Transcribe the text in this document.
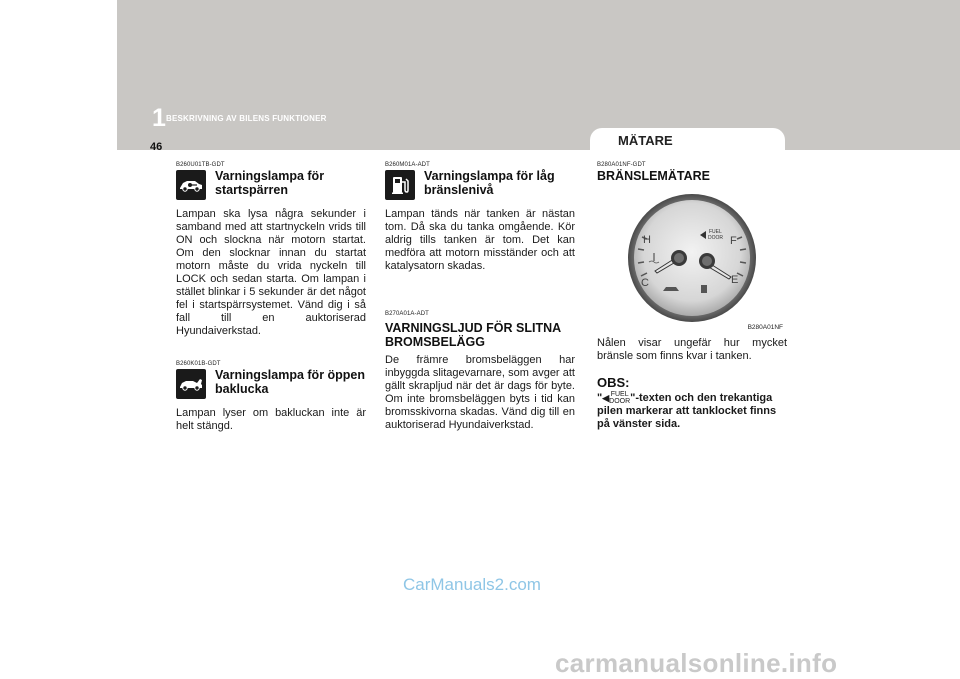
1 BESKRIVNING AV BILENS FUNKTIONER
46	MÄTARE
B260U01TB-GDT
Varningslampa för
startspärren

Lampan ska lysa några sekunder i samband med att startnyckeln vrids till ON och slockna när motorn startat. Om den slocknar innan du startat motorn måste du vrida nyckeln till LOCK och sedan starta. Om lampan i stället blinkar i 5 sekunder är det något fel i startspärrsystemet. Vänd dig i så fall till en auktoriserad Hyundaiverkstad.

B260K01B-GDT
Varningslampa för öppen
baklucka

Lampan lyser om bakluckan inte är helt stängd.

B260M01A-ADT
Varningslampa för låg
bränslenivå

Lampan tänds när tanken är nästan tom. Då ska du tanka omgående. Kör aldrig tills tanken är tom. Det kan medföra att motorn misständer och att katalysatorn skadas.

B270A01A-ADT
VARNINGSLJUD FÖR SLITNA
BROMSBELÄGG

De främre bromsbeläggen har inbyggda slitagevarnare, som avger att gällt skrapljud när det är dags för byte. Om inte bromsbeläggen byts i tid kan bromsskivorna skadas. Vänd dig till en auktoriserad Hyundaiverkstad.

B280A01NF-GDT
BRÄNSLEMÄTARE
H
C
F
E
FUEL
DOOR
B280A01NF

Nålen visar ungefär hur mycket bränsle som finns kvar i tanken.

OBS:

"◀ FUEL
DOOR"-texten och den trekantiga pilen markerar att tanklocket finns på vänster sida.

CarManuals2.com
carmanualsonline.info
